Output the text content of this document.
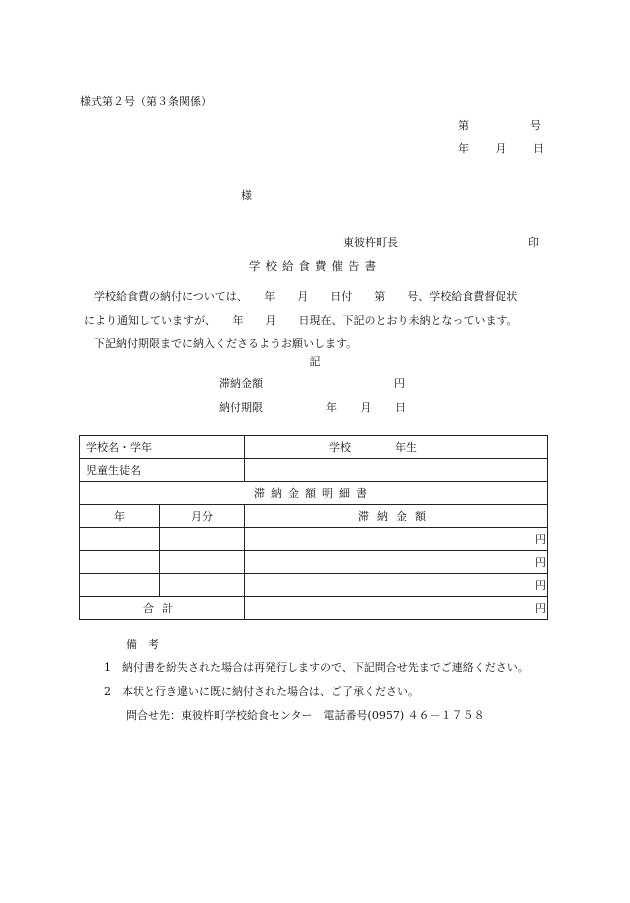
様式第２号（第３条関係）
第	号
年 月 日
様
東彼杵町長	印
学校給食費催告書

学校給食費の納付については、　　年　　月　　日付　　第　　号、学校給食費督促状

により通知していますが、　　年　　月　　日現在、下記のとおり未納となっています。

下記納付期限までに納入くださるようお願いします。

記
滞納金額	円
納付期限	年 月 日
学校名・学年		学校 年生
児童生徒名		
滞納金額明細書		
年	月分	滞納金額
		円
		円
		円
合計		円
備　考
1　納付書を紛失された場合は再発行しますので、下記問合せ先までご連絡ください。
2　本状と行き違いに既に納付された場合は、ご了承ください。
問合せ先：東彼杵町学校給食センター　電話番号(0957) ４６－１７５８
